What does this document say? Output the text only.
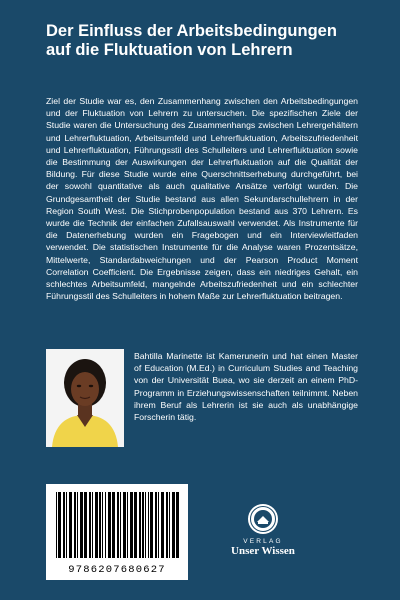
Der Einfluss der Arbeitsbedingungen auf die Fluktuation von Lehrern

Ziel der Studie war es, den Zusammenhang zwischen den Arbeitsbedingungen und der Fluktuation von Lehrern zu untersuchen. Die spezifischen Ziele der Studie waren die Untersuchung des Zusammenhangs zwischen Lehrergehältern und Lehrerfluktuation, Arbeitsumfeld und Lehrerfluktuation, Arbeitszufriedenheit und Lehrerfluktuation, Führungsstil des Schulleiters und Lehrerfluktuation sowie die Bestimmung der Auswirkungen der Lehrerfluktuation auf die Qualität der Bildung. Für diese Studie wurde eine Querschnittserhebung durchgeführt, bei der sowohl quantitative als auch qualitative Ansätze verfolgt wurden. Die Grundgesamtheit der Studie bestand aus allen Sekundarschullehrern in der Region South West. Die Stichprobenpopulation bestand aus 370 Lehrern. Es wurde die Technik der einfachen Zufallsauswahl verwendet. Als Instrumente für die Datenerhebung wurden ein Fragebogen und ein Interviewleitfaden verwendet. Die statistischen Instrumente für die Analyse waren Prozentsätze, Mittelwerte, Standardabweichungen und der Pearson Product Moment Correlation Coefficient. Die Ergebnisse zeigen, dass ein niedriges Gehalt, ein schlechtes Arbeitsumfeld, mangelnde Arbeitszufriedenheit und ein schlechter Führungsstil des Schulleiters in hohem Maße zur Lehrerfluktuation beitragen.

Bahtilla Marinette ist Kamerunerin und hat einen Master of Education (M.Ed.) in Curriculum Studies and Teaching von der Universität Buea, wo sie derzeit an einem PhD-Programm in Erziehungswissenschaften teilnimmt. Neben ihrem Beruf als Lehrerin ist sie auch als unabhängige Forscherin tätig.

9786207680627
VERLAG
Unser Wissen
